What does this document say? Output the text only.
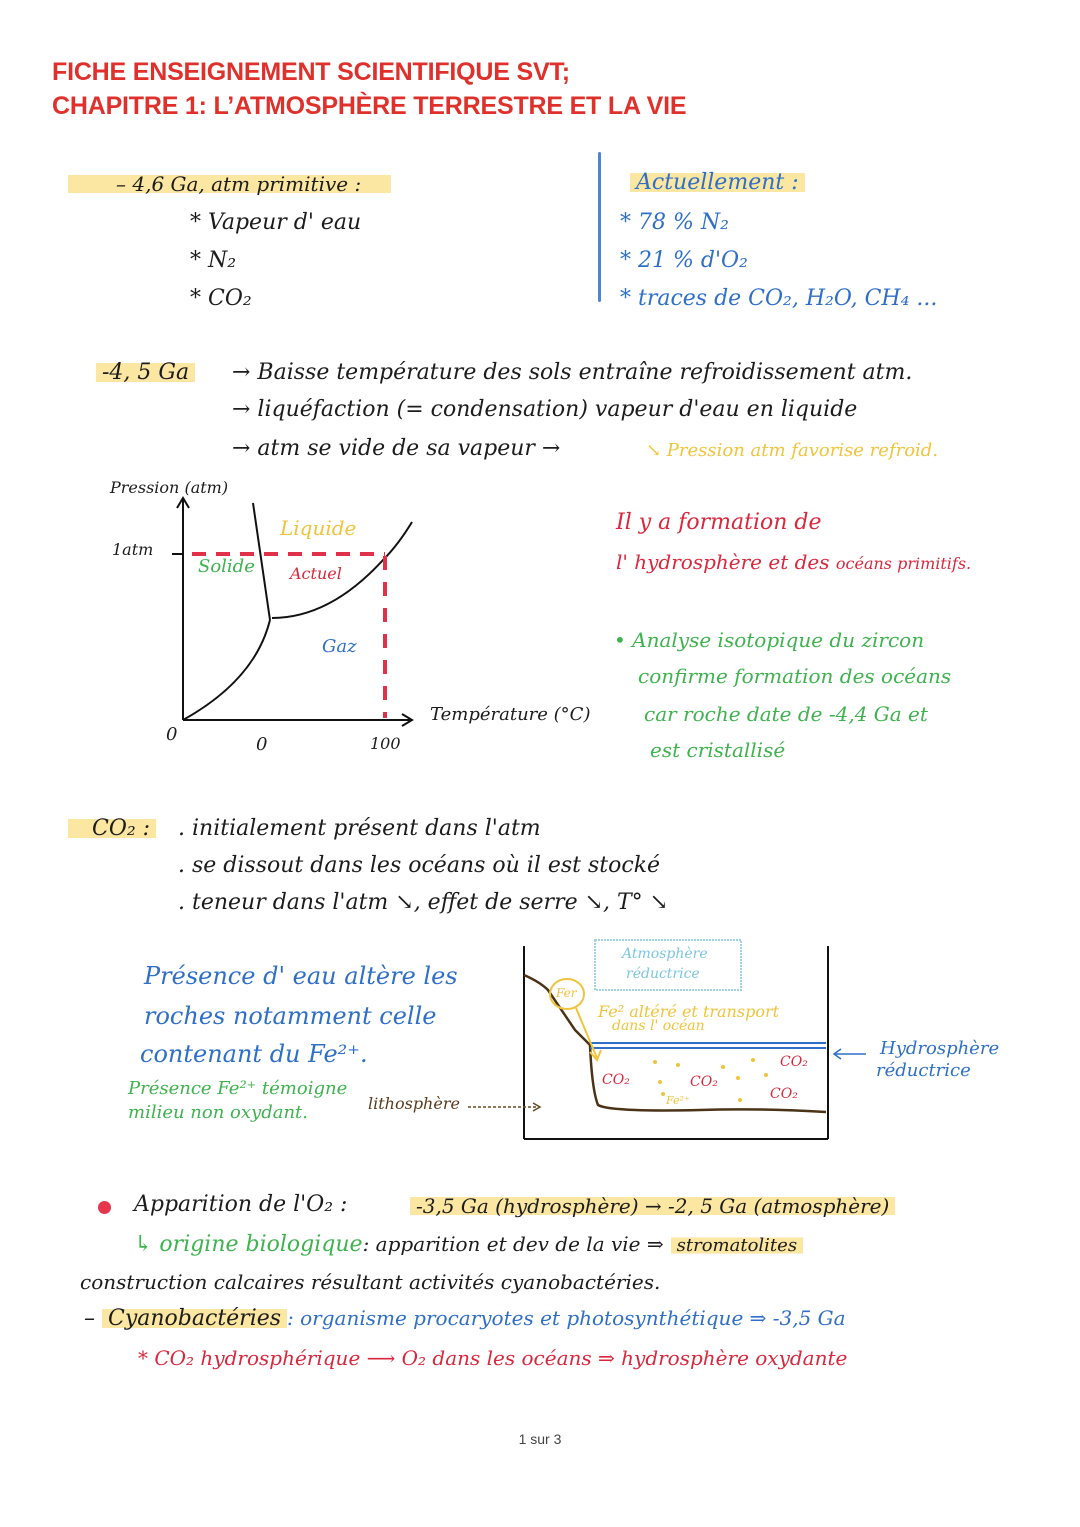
FICHE ENSEIGNEMENT SCIENTIFIQUE SVT;
CHAPITRE 1: L’ATMOSPHÈRE TERRESTRE ET LA VIE
– 4,6 Ga, atm primitive :
* Vapeur d' eau
* N₂
* CO₂
Actuellement :
* 78 % N₂
* 21 % d'O₂
* traces de CO₂, H₂O, CH₄ ...
-4, 5 Ga → Baisse température des sols entraîne refroidissement atm.
→ liquéfaction (= condensation) vapeur d'eau en liquide
→ atm se vide de sa vapeur →	↘ Pression atm favorise refroid.
Pression (atm)
1atm
0	0	100
Température (°C)
Liquide
Solide Actuel
Gaz
Il y a formation de
l' hydrosphère et des océans primitifs.
• Analyse isotopique du zircon
confirme formation des océans
car roche date de -4,4 Ga et
est cristallisé
CO₂ : . initialement présent dans l'atm
. se dissout dans les océans où il est stocké
. teneur dans l'atm ↘, effet de serre ↘, T° ↘
Présence d' eau altère les
roches notamment celle
contenant du Fe²⁺.
Présence Fe²⁺ témoigne
milieu non oxydant.	lithosphère
Atmosphère
réductrice
Fer
Fe² altéré et transport
dans l' océan
CO₂	CO₂
CO₂
CO₂
Fe²⁺
Hydrosphère
réductrice
Apparition de l'O₂ :	-3,5 Ga (hydrosphère) → -2, 5 Ga (atmosphère)
↳ origine biologique: apparition et dev de la vie ⇒ stromatolites
construction calcaires résultant activités cyanobactéries.
– Cyanobactéries : organisme procaryotes et photosynthétique ⇒ -3,5 Ga
* CO₂ hydrosphérique ⟶ O₂ dans les océans ⇒ hydrosphère oxydante
1 sur 3
